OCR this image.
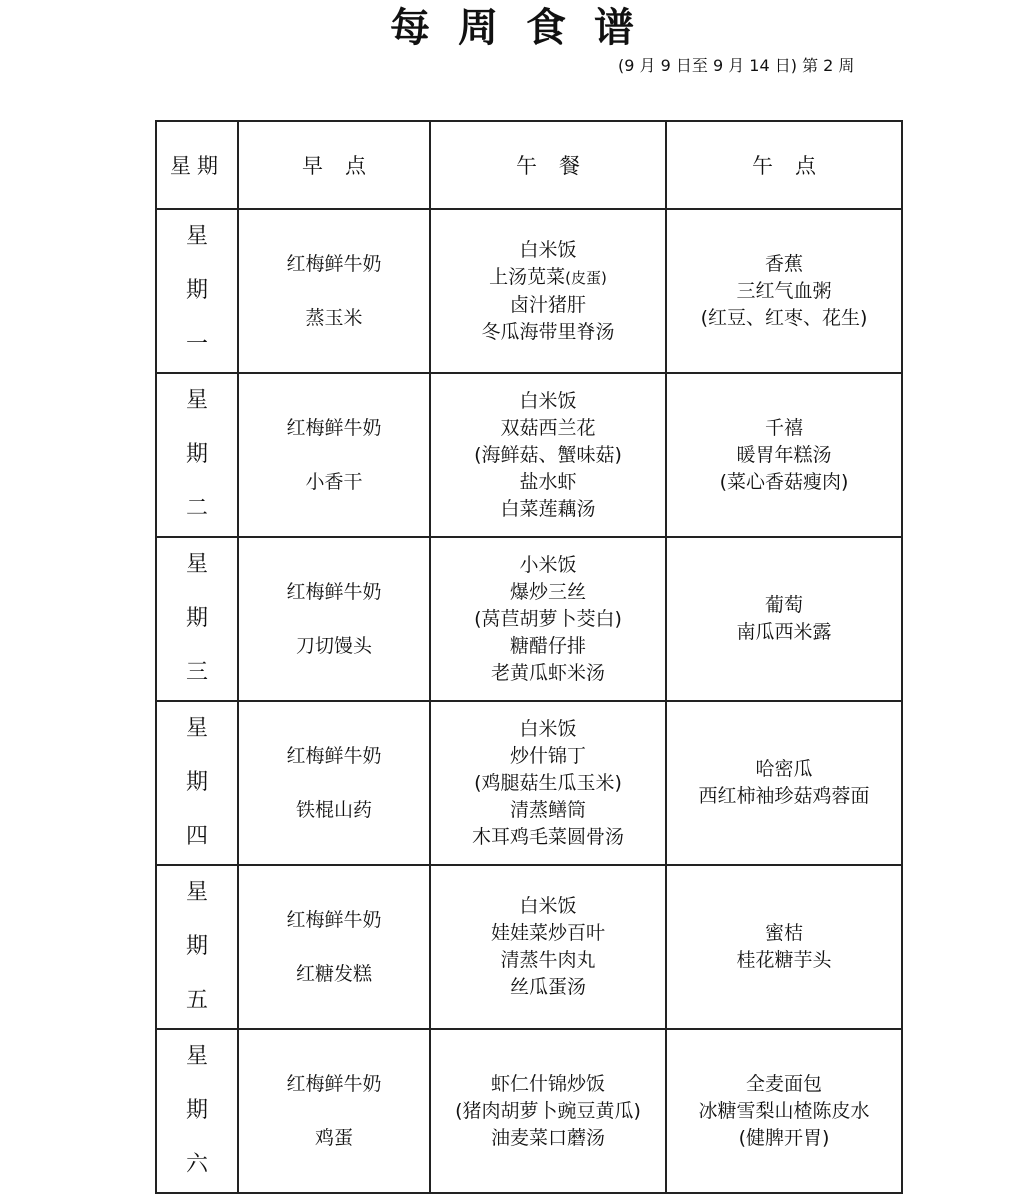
每周食谱
(9 月 9 日至 9 月 14 日) 第 2 周
星期	早点	午餐	午点

星
期
一	红梅鲜牛奶
蒸玉米	白米饭
上汤苋菜(皮蛋)
卤汁猪肝
冬瓜海带里脊汤	香蕉
三红气血粥
(红豆、红枣、花生)

星
期
二	红梅鲜牛奶
小香干	白米饭
双菇西兰花
(海鲜菇、蟹味菇)
盐水虾
白菜莲藕汤	千禧
暖胃年糕汤
(菜心香菇瘦肉)

星
期
三	红梅鲜牛奶
刀切馒头	小米饭
爆炒三丝
(莴苣胡萝卜茭白)
糖醋仔排
老黄瓜虾米汤	葡萄
南瓜西米露

星
期
四	红梅鲜牛奶
铁棍山药	白米饭
炒什锦丁
(鸡腿菇生瓜玉米)
清蒸鳝筒
木耳鸡毛菜圆骨汤	哈密瓜
西红柿袖珍菇鸡蓉面

星
期
五	红梅鲜牛奶
红糖发糕	白米饭
娃娃菜炒百叶
清蒸牛肉丸
丝瓜蛋汤	蜜桔
桂花糖芋头

星
期
六	红梅鲜牛奶
鸡蛋	虾仁什锦炒饭
(猪肉胡萝卜豌豆黄瓜)
油麦菜口蘑汤	全麦面包
冰糖雪梨山楂陈皮水
(健脾开胃)
